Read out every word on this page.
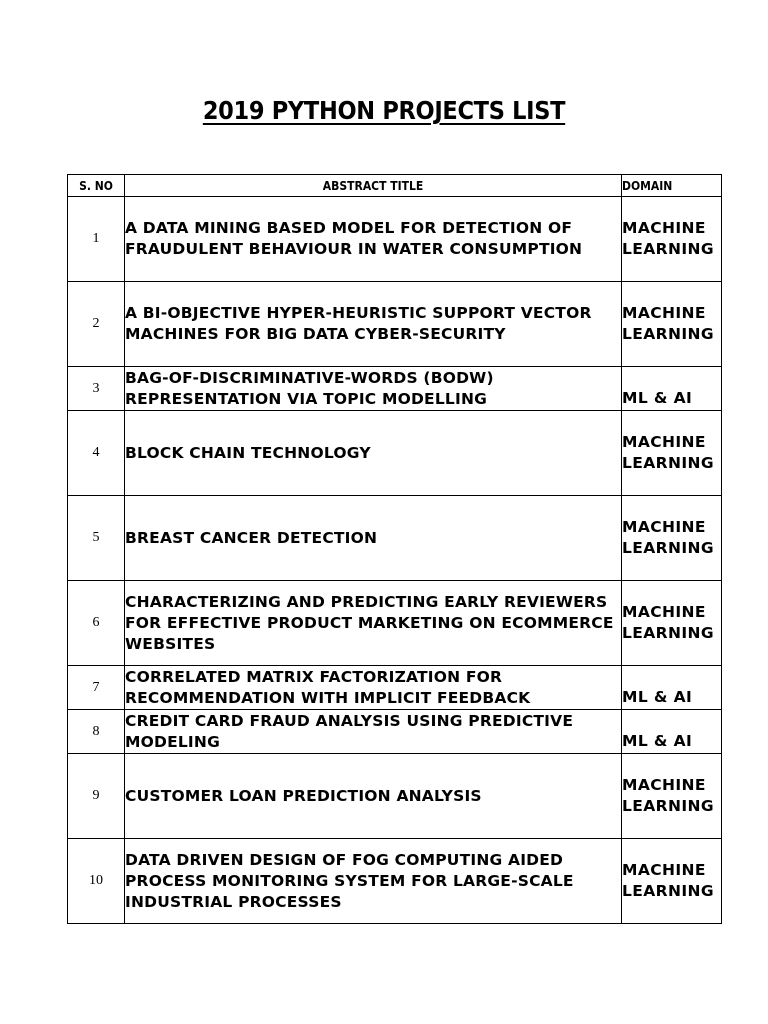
2019 PYTHON PROJECTS LIST
S. NO	ABSTRACT TITLE	DOMAIN
1	A DATA MINING BASED MODEL FOR DETECTION OF FRAUDULENT BEHAVIOUR IN WATER CONSUMPTION	MACHINE LEARNING
2	A BI-OBJECTIVE HYPER-HEURISTIC SUPPORT VECTOR MACHINES FOR BIG DATA CYBER-SECURITY	MACHINE LEARNING
3	BAG-OF-DISCRIMINATIVE-WORDS (BODW) REPRESENTATION VIA TOPIC MODELLING	ML & AI
4	BLOCK CHAIN TECHNOLOGY	MACHINE LEARNING
5	BREAST CANCER DETECTION	MACHINE LEARNING
6	CHARACTERIZING AND PREDICTING EARLY REVIEWERS FOR EFFECTIVE PRODUCT MARKETING ON ECOMMERCE WEBSITES	MACHINE LEARNING
7	CORRELATED MATRIX FACTORIZATION FOR RECOMMENDATION WITH IMPLICIT FEEDBACK	ML & AI
8	CREDIT CARD FRAUD ANALYSIS USING PREDICTIVE MODELING	ML & AI
9	CUSTOMER LOAN PREDICTION ANALYSIS	MACHINE LEARNING
10	DATA DRIVEN DESIGN OF FOG COMPUTING AIDED PROCESS MONITORING SYSTEM FOR LARGE-SCALE INDUSTRIAL PROCESSES	MACHINE LEARNING
